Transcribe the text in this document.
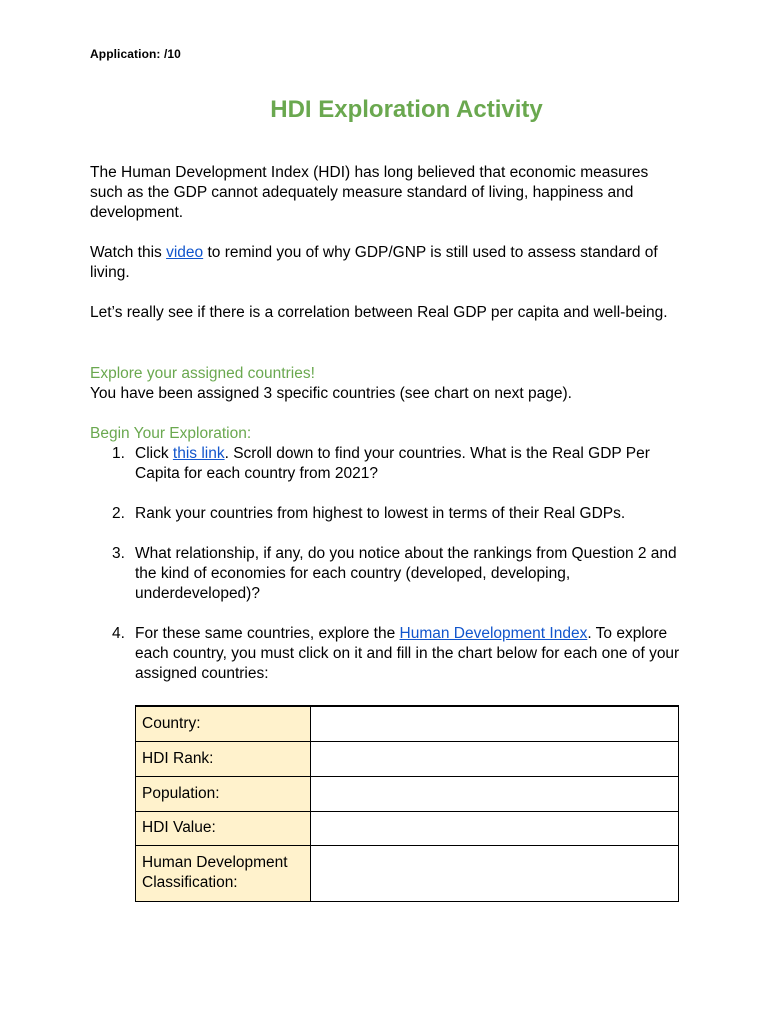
Application: /10
HDI Exploration Activity
The Human Development Index (HDI) has long believed that economic measures such as the GDP cannot adequately measure standard of living, happiness and development.
Watch this video to remind you of why GDP/GNP is still used to assess standard of living.
Let’s really see if there is a correlation between Real GDP per capita and well-being.
Explore your assigned countries!
You have been assigned 3 specific countries (see chart on next page).
Begin Your Exploration:
1. Click this link. Scroll down to find your countries. What is the Real GDP Per Capita for each country from 2021?
2. Rank your countries from highest to lowest in terms of their Real GDPs.
3. What relationship, if any, do you notice about the rankings from Question 2 and the kind of economies for each country (developed, developing, underdeveloped)?
4. For these same countries, explore the Human Development Index. To explore each country, you must click on it and fill in the chart below for each one of your assigned countries:
Country:	
HDI Rank:	
Population:	
HDI Value:	
Human Development Classification:	
